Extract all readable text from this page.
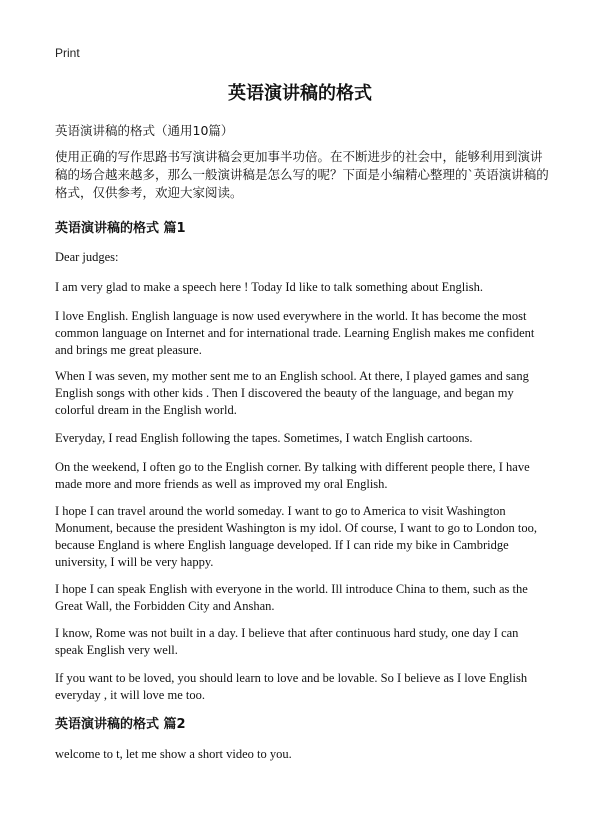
Print
英语演讲稿的格式
英语演讲稿的格式（通用10篇）
使用正确的写作思路书写演讲稿会更加事半功倍。在不断进步的社会中，能够利用到演讲稿的场合越来越多，那么一般演讲稿是怎么写的呢？下面是小编精心整理的`英语演讲稿的格式，仅供参考，欢迎大家阅读。
英语演讲稿的格式 篇1
Dear judges:
I am very glad to make a speech here ! Today Id like to talk something about English.
I love English. English language is now used everywhere in the world. It has become the most common language on Internet and for international trade. Learning English makes me confident and brings me great pleasure.
When I was seven, my mother sent me to an English school. At there, I played games and sang English songs with other kids . Then I discovered the beauty of the language, and began my colorful dream in the English world.
Everyday, I read English following the tapes. Sometimes, I watch English cartoons.
On the weekend, I often go to the English corner. By talking with different people there, I have made more and more friends as well as improved my oral English.
I hope I can travel around the world someday. I want to go to America to visit Washington Monument, because the president Washington is my idol. Of course, I want to go to London too, because England is where English language developed. If I can ride my bike in Cambridge university, I will be very happy.
I hope I can speak English with everyone in the world. Ill introduce China to them, such as the Great Wall, the Forbidden City and Anshan.
I know, Rome was not built in a day. I believe that after continuous hard study, one day I can speak English very well.
If you want to be loved, you should learn to love and be lovable. So I believe as I love English everyday , it will love me too.
英语演讲稿的格式 篇2
welcome to t, let me show a short video to you.
